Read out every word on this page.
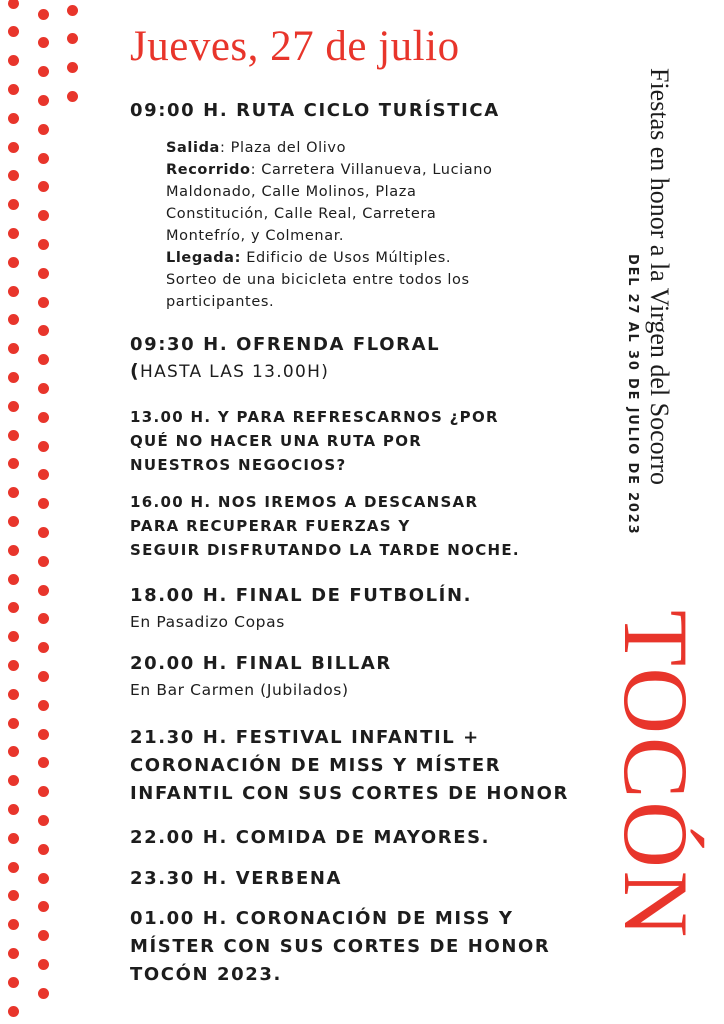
Jueves, 27 de julio
09:00 H. RUTA CICLO TURÍSTICA
Salida: Plaza del Olivo
Recorrido: Carretera Villanueva, Luciano
Maldonado, Calle Molinos, Plaza
Constitución, Calle Real, Carretera
Montefrío, y Colmenar.
Llegada: Edificio de Usos Múltiples.
Sorteo de una bicicleta entre todos los
participantes.
09:30 H. OFRENDA FLORAL
(HASTA LAS 13.00H)
13.00 H. Y PARA REFRESCARNOS ¿POR
QUÉ NO HACER UNA RUTA POR
NUESTROS NEGOCIOS?
16.00 H. NOS IREMOS A DESCANSAR
PARA RECUPERAR FUERZAS Y
SEGUIR DISFRUTANDO LA TARDE NOCHE.
18.00 H. FINAL DE FUTBOLÍN.
En Pasadizo Copas
20.00 H. FINAL BILLAR
En Bar Carmen (Jubilados)
21.30 H. FESTIVAL INFANTIL +
CORONACIÓN DE MISS Y MÍSTER
INFANTIL CON SUS CORTES DE HONOR
22.00 H. COMIDA DE MAYORES.
23.30 H. VERBENA
01.00 H. CORONACIÓN DE MISS Y
MÍSTER CON SUS CORTES DE HONOR
TOCÓN 2023.
Fiestas en honor a la Virgen del Socorro
DEL 27 AL 30 DE JULIO DE 2023
TOCÓN
